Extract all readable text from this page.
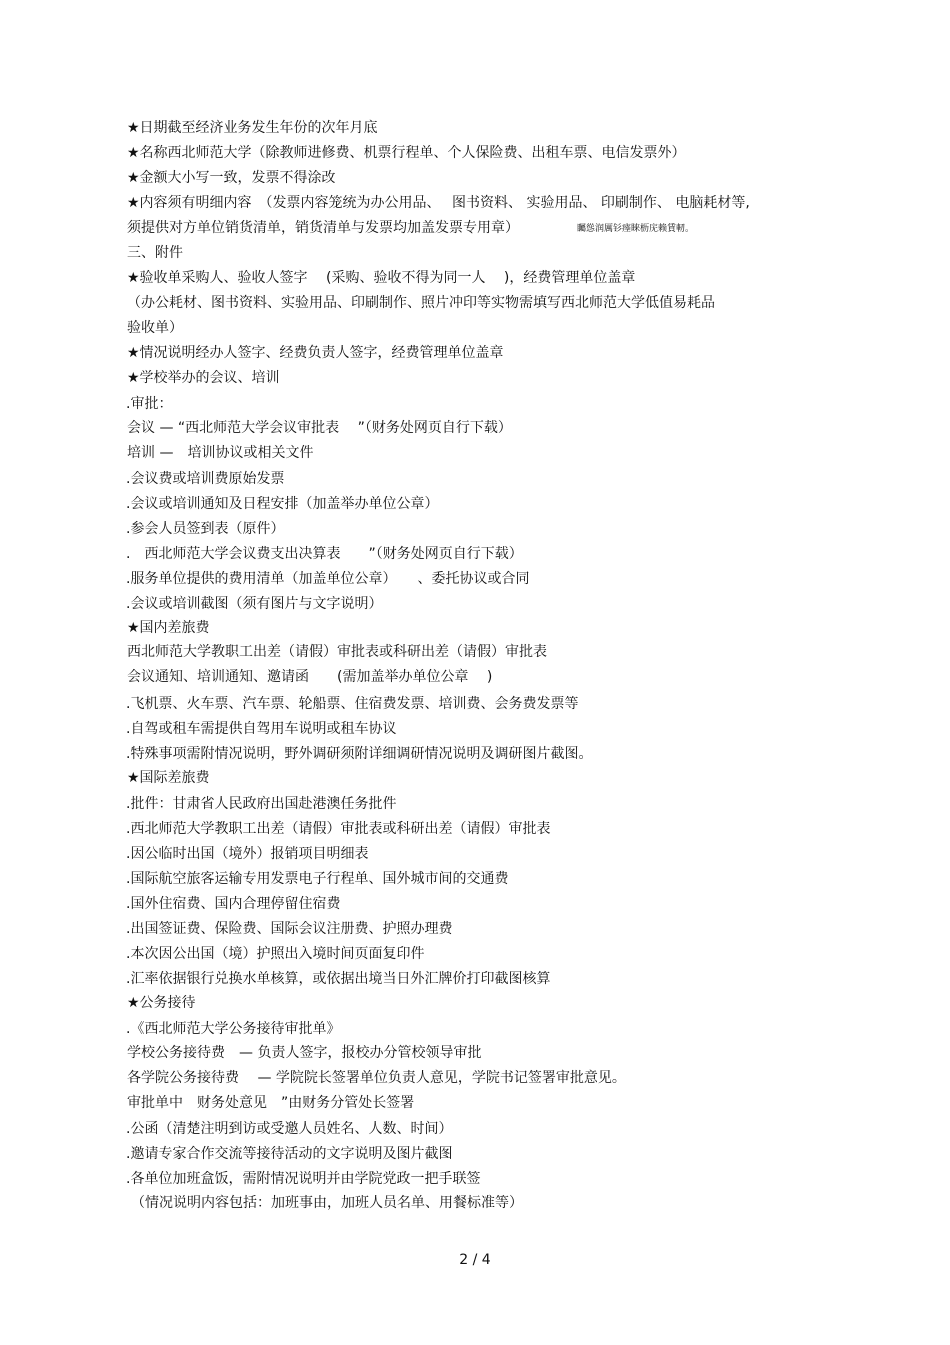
★日期截至经济业务发生年份的次年月底
★名称西北师范大学（除教师进修费、机票行程单、个人保险费、出租车票、电信发票外）
★金额大小写一致，发票不得涂改
★内容须有明细内容　（发票内容笼统为办公用品、　 图书资料、 实验用品、 印刷制作、 电脑耗材等,
须提供对方单位销货清单，销货清单与发票均加盖发票专用章）	矚慫润厲钐瘗睞枥庑赖賃軔。
三、附件
★验收单采购人、验收人签字　 (采购、验收不得为同一人　 )，经费管理单位盖章
（办公耗材、图书资料、实验用品、印刷制作、照片冲印等实物需填写西北师范大学低值易耗品
验收单）
★情况说明经办人签字、经费负责人签字，经费管理单位盖章
★学校举办的会议、培训
.审批：
会议 — “西北师范大学会议审批表　 ”（财务处网页自行下载）
培训 —　培训协议或相关文件
.会议费或培训费原始发票
.会议或培训通知及日程安排（加盖举办单位公章）
.参会人员签到表（原件）
.　西北师范大学会议费支出决算表　　”（财务处网页自行下载）
.服务单位提供的费用清单（加盖单位公章）　　、委托协议或合同
.会议或培训截图（须有图片与文字说明）
★国内差旅费
西北师范大学教职工出差（请假）审批表或科研出差（请假）审批表
会议通知、培训通知、邀请函　　(需加盖举办单位公章　 )
.飞机票、火车票、汽车票、轮船票、住宿费发票、培训费、会务费发票等
.自驾或租车需提供自驾用车说明或租车协议
.特殊事项需附情况说明，野外调研须附详细调研情况说明及调研图片截图。
★国际差旅费
.批件：甘肃省人民政府出国赴港澳任务批件
.西北师范大学教职工出差（请假）审批表或科研出差（请假）审批表
.因公临时出国（境外）报销项目明细表
.国际航空旅客运输专用发票电子行程单、国外城市间的交通费
.国外住宿费、国内合理停留住宿费
.出国签证费、保险费、国际会议注册费、护照办理费
.本次因公出国（境）护照出入境时间页面复印件
.汇率依据银行兑换水单核算，或依据出境当日外汇牌价打印截图核算
★公务接待
.《西北师范大学公务接待审批单》
学校公务接待费　— 负责人签字，报校办分管校领导审批
各学院公务接待费　 — 学院院长签署单位负责人意见，学院书记签署审批意见。
审批单中　财务处意见　”由财务分管处长签署
.公函（清楚注明到访或受邀人员姓名、人数、时间）
.邀请专家合作交流等接待活动的文字说明及图片截图
.各单位加班盒饭，需附情况说明并由学院党政一把手联签
（情况说明内容包括：加班事由，加班人员名单、用餐标准等）
2 / 4
